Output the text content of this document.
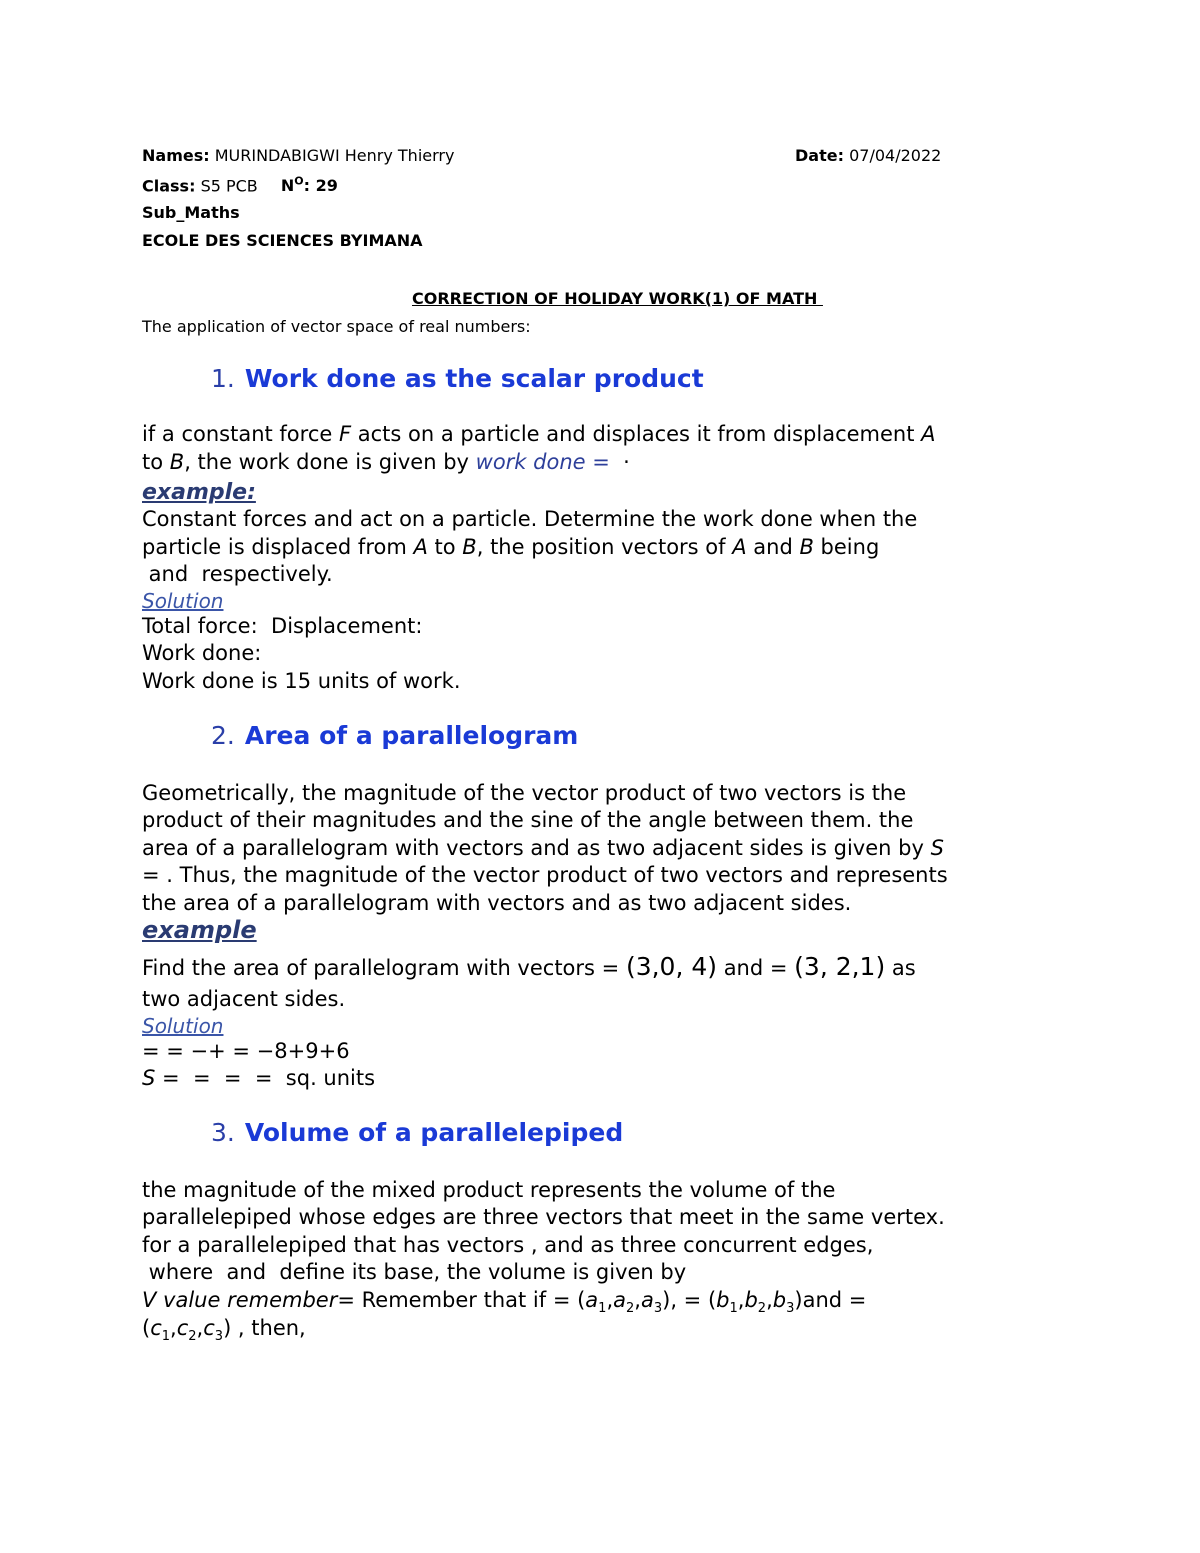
Names: MURINDABIGWI Henry Thierry	Date: 07/04/2022
Class: S5 PCB $N^O$: 29
Sub_Maths
ECOLE DES SCIENCES BYIMANA
CORRECTION OF HOLIDAY WORK(1) OF MATH
The application of vector space of real numbers:
1. Work done as the scalar product
if a constant force F acts on a particle and displaces it from displacement A
to B, the work done is given by work done =  ·
example:
Constant forces and act on a particle. Determine the work done when the
particle is displaced from A to B, the position vectors of A and B being
and  respectively.
Solution
Total force:  Displacement:
Work done:
Work done is 15 units of work.
2. Area of a parallelogram
Geometrically, the magnitude of the vector product of two vectors is the
product of their magnitudes and the sine of the angle between them. the
area of a parallelogram with vectors and as two adjacent sides is given by S
= . Thus, the magnitude of the vector product of two vectors and represents
the area of a parallelogram with vectors and as two adjacent sides.
example
Find the area of parallelogram with vectors = (3,0, 4) and = (3, 2,1) as
two adjacent sides.
Solution
= = −+ = −8+9+6
S =  =  =  =  sq. units
3. Volume of a parallelepiped
the magnitude of the mixed product represents the volume of the
parallelepiped whose edges are three vectors that meet in the same vertex.
for a parallelepiped that has vectors , and as three concurrent edges,
where  and  define its base, the volume is given by
V value remember= Remember that if = $(a_1,a_2,a_3)$, = $(b_1,b_2,b_3)and$ =
$(c_1,c_2,c_3)$ , then,
